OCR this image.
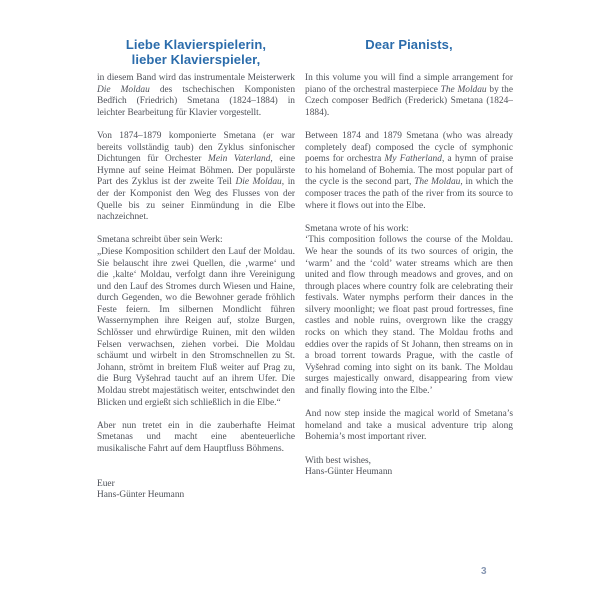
Liebe Klavierspielerin,
lieber Klavierspieler,

in diesem Band wird das instrumentale Meisterwerk Die Moldau des tschechischen Komponisten Bedřich (Friedrich) Smetana (1824–1884) in leichter Bearbeitung für Klavier vorgestellt.

Von 1874–1879 komponierte Smetana (er war bereits vollständig taub) den Zyklus sinfonischer Dichtungen für Orchester Mein Vaterland, eine Hymne auf seine Heimat Böhmen. Der populärste Part des Zyklus ist der zweite Teil Die Moldau, in der der Komponist den Weg des Flusses von der Quelle bis zu seiner Einmündung in die Elbe nachzeichnet.

Smetana schreibt über sein Werk:

„Diese Komposition schildert den Lauf der Moldau. Sie belauscht ihre zwei Quellen, die ‚warme‘ und die ‚kalte‘ Moldau, verfolgt dann ihre Vereinigung und den Lauf des Stromes durch Wiesen und Haine, durch Gegenden, wo die Bewohner gerade fröhlich Feste feiern. Im silbernen Mondlicht führen Wassernymphen ihre Reigen auf, stolze Burgen, Schlösser und ehrwürdige Ruinen, mit den wilden Felsen verwachsen, ziehen vorbei. Die Moldau schäumt und wirbelt in den Stromschnellen zu St. Johann, strömt in breitem Fluß weiter auf Prag zu, die Burg Vyšehrad taucht auf an ihrem Ufer. Die Moldau strebt majestätisch weiter, entschwindet den Blicken und ergießt sich schließlich in die Elbe.“

Aber nun tretet ein in die zauberhafte Heimat Smetanas und macht eine abenteuerliche musikalische Fahrt auf dem Hauptfluss Böhmens.

Euer
Hans-Günter Heumann
Dear Pianists,

In this volume you will find a simple arrangement for piano of the orchestral masterpiece The Moldau by the Czech composer Bedřich (Frederick) Smetana (1824–1884).

Between 1874 and 1879 Smetana (who was already completely deaf) composed the cycle of symphonic poems for orchestra My Fatherland, a hymn of praise to his homeland of Bohemia. The most popular part of the cycle is the second part, The Moldau, in which the composer traces the path of the river from its source to where it flows out into the Elbe.

Smetana wrote of his work:

‘This composition follows the course of the Moldau. We hear the sounds of its two sources of origin, the ‘warm’ and the ‘cold’ water streams which are then united and flow through meadows and groves, and on through places where country folk are celebrating their festivals. Water nymphs perform their dances in the silvery moonlight; we float past proud fortresses, fine castles and noble ruins, overgrown like the craggy rocks on which they stand. The Moldau froths and eddies over the rapids of St Johann, then streams on in a broad torrent towards Prague, with the castle of Vyšehrad coming into sight on its bank. The Moldau surges majestically onward, disappearing from view and finally flowing into the Elbe.’

And now step inside the magical world of Smetana’s homeland and take a musical adventure trip along Bohemia’s most important river.

With best wishes,
Hans-Günter Heumann
3
